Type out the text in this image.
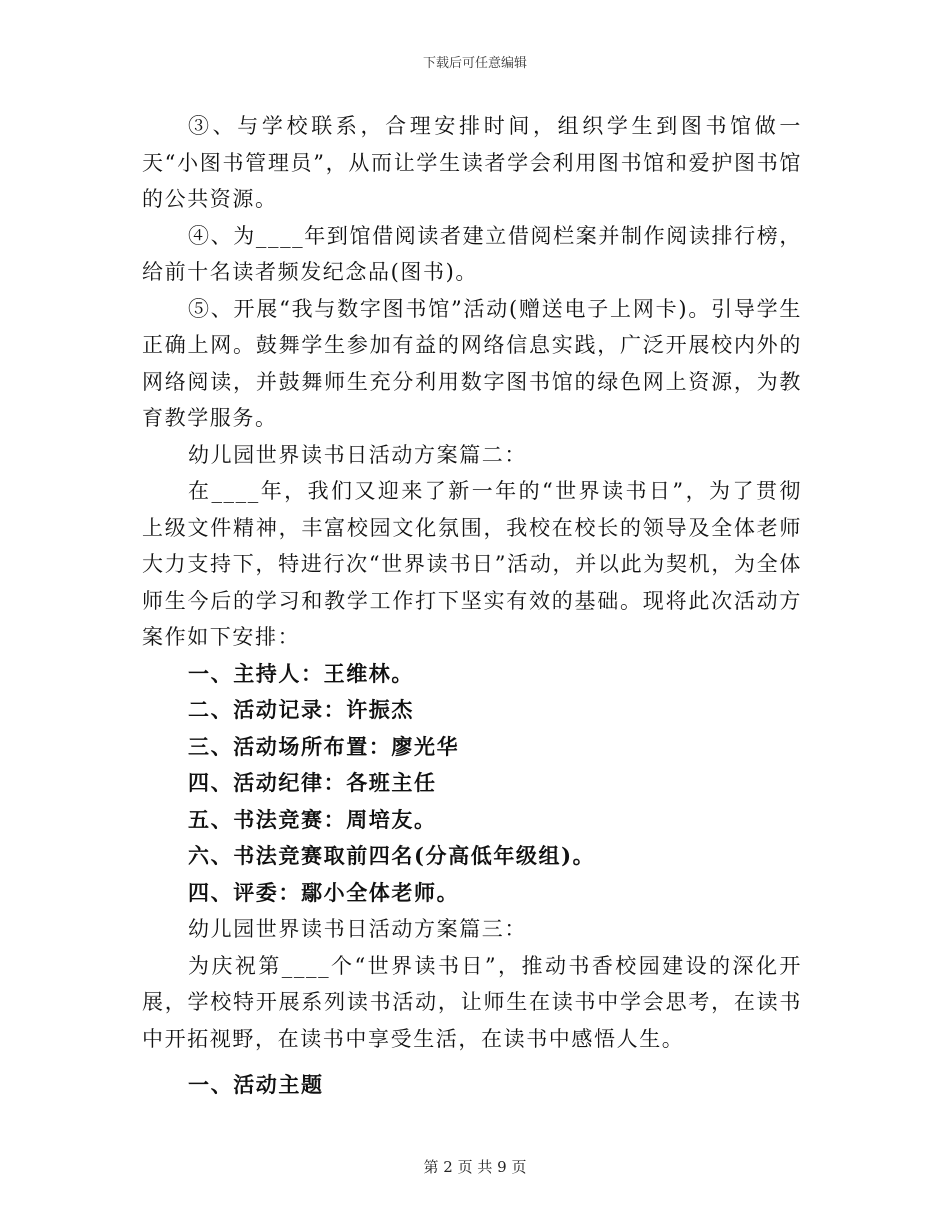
下载后可任意编辑

③、与学校联系，合理安排时间，组织学生到图书馆做一天“小图书管理员”，从而让学生读者学会利用图书馆和爱护图书馆的公共资源。

④、为____年到馆借阅读者建立借阅栏案并制作阅读排行榜，给前十名读者频发纪念品(图书)。

⑤、开展“我与数字图书馆”活动(赠送电子上网卡)。引导学生正确上网。鼓舞学生参加有益的网络信息实践，广泛开展校内外的网络阅读，并鼓舞师生充分利用数字图书馆的绿色网上资源，为教育教学服务。

幼儿园世界读书日活动方案篇二：

在____年，我们又迎来了新一年的“世界读书日”，为了贯彻上级文件精神，丰富校园文化氛围，我校在校长的领导及全体老师大力支持下，特进行次“世界读书日”活动，并以此为契机，为全体师生今后的学习和教学工作打下坚实有效的基础。现将此次活动方案作如下安排：

一、主持人：王维林。

二、活动记录：许振杰

三、活动场所布置：廖光华

四、活动纪律：各班主任

五、书法竞赛：周培友。

六、书法竞赛取前四名(分高低年级组)。

四、评委：鄢小全体老师。

幼儿园世界读书日活动方案篇三：

为庆祝第____个“世界读书日”，推动书香校园建设的深化开展，学校特开展系列读书活动，让师生在读书中学会思考，在读书中开拓视野，在读书中享受生活，在读书中感悟人生。

一、活动主题

第 2 页 共 9 页
